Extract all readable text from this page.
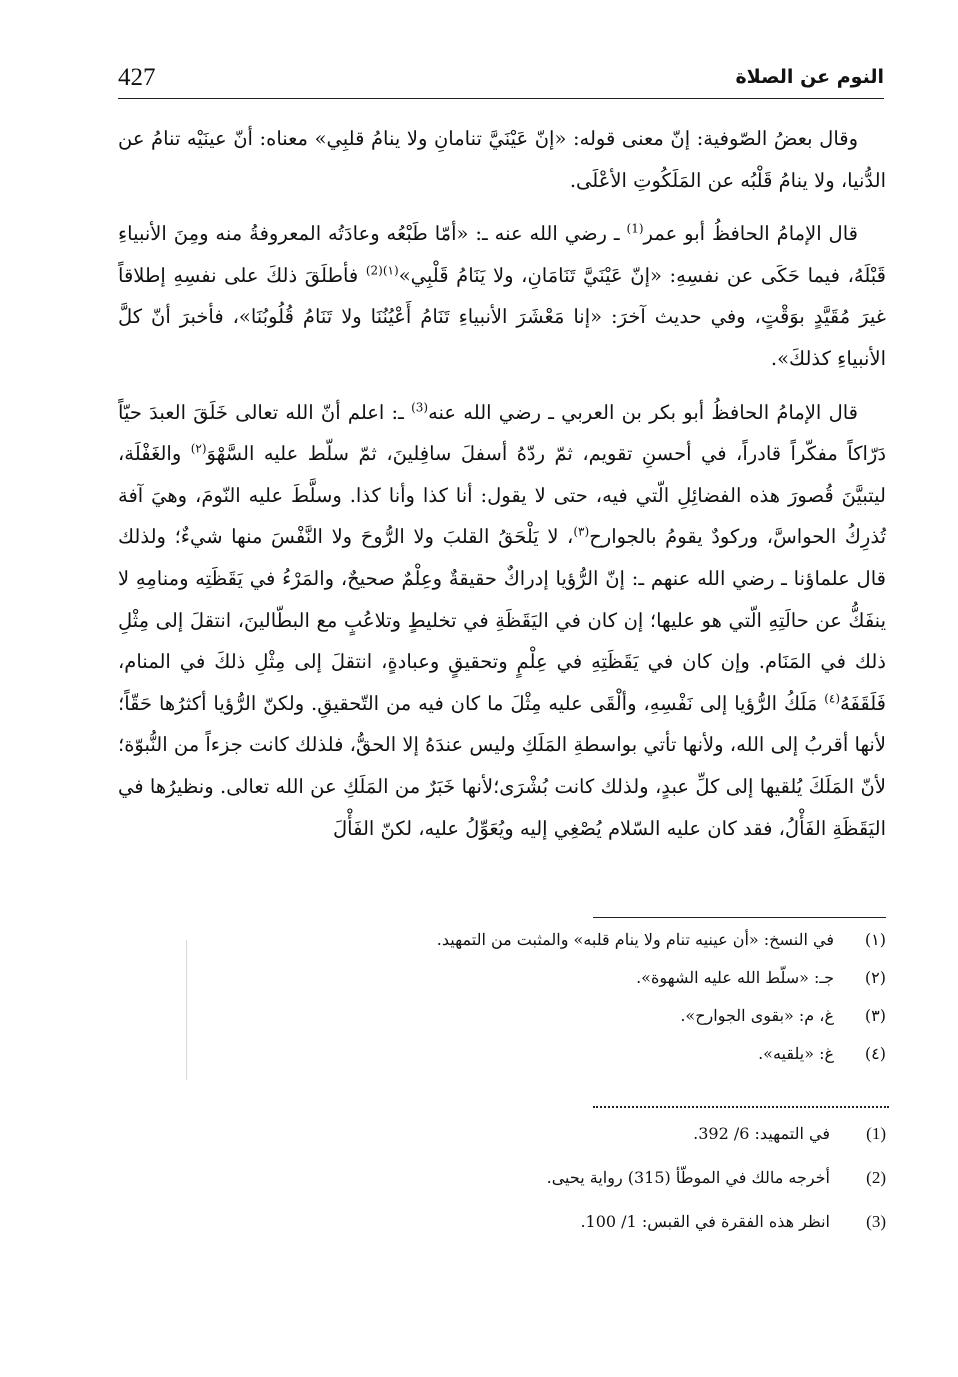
427	النوم عن الصلاة

وقال بعضُ الصّوفية: إنّ معنى قوله: «إنّ عَيْنَيَّ تنامانِ ولا ينامُ قلبِي» معناه: أنّ عينَيْه تنامُ عن الدُّنيا، ولا ينامُ قَلْبُه عن المَلَكُوتِ الأعْلَى.

قال الإمامُ الحافظُ أبو عمر$^{(1)}$ ـ رضي الله عنه ـ: «أمّا طَبْعُه وعادَتُه المعروفةُ منه ومِنَ الأنبياءِ قَبْلَهُ، فيما حَكَى عن نفسِهِ: «إنّ عَيْنَيَّ تَنَامَانِ، ولا يَنَامُ قَلْبِي»$^{(١)(2)}$ فأطلَقَ ذلكَ على نفسِهِ إطلاقاً غيرَ مُقَيَّدٍ بوَقْتٍ، وفي حديث آخرَ: «إنا مَعْشَرَ الأنبياءِ تَنَامُ أَعْيُنُنَا ولا تَنَامُ قُلُوبُنَا»، فأخبرَ أنّ كلَّ الأنبياءِ كذلكَ».

قال الإمامُ الحافظُ أبو بكر بن العربي ـ رضي الله عنه$^{(3)}$ ـ: اعلم أنّ الله تعالى خَلَقَ العبدَ حيّاً دَرّاكاً مفكّراً قادراً، في أحسنِ تقويم، ثمّ ردّهُ أسفلَ سافِلينَ، ثمّ سلّط عليه السَّهْوَ$^{(٢)}$ والغَفْلَة، ليتبيَّنَ قُصورَ هذه الفضائِلِ الّتي فيه، حتى لا يقول: أنا كذا وأنا كذا. وسلَّطَ عليه النّومَ، وهيَ آفة تُذرِكُ الحواسَّ، وركودٌ يقومُ بالجوارح$^{(٣)}$، لا يَلْحَقُ القلبَ ولا الرُّوحَ ولا النَّفْسَ منها شيءٌ؛ ولذلك قال علماؤنا ـ رضي الله عنهم ـ: إنّ الرُّؤيا إدراكٌ حقيقةٌ وعِلْمٌ صحيحٌ، والمَرْءُ في يَقَظَتِه ومنامِهِ لا ينفَكُّ عن حالَتِهِ الّتي هو عليها؛ إن كان في اليَقَظَةِ في تخليطٍ وتلاعُبٍ مع البطّالينَ، انتقلَ إلى مِثْلِ ذلك في المَنَام. وإن كان في يَقَظَتِهِ في عِلْمٍ وتحقيقٍ وعبادةٍ، انتقلَ إلى مِثْلِ ذلكَ في المنام، فَلَقَفَهُ$^{(٤)}$ مَلَكُ الرُّؤيا إلى نَفْسِهِ، وألْقَى عليه مِثْلَ ما كان فيه من التّحقيقِ. ولكنّ الرُّؤيا أكثرُها حَقّاً؛ لأنها أقربُ إلى الله، ولأنها تأتي بواسطةِ المَلَكِ وليس عندَهُ إلا الحقُّ، فلذلك كانت جزءاً من النُّبوّة؛ لأنّ المَلَكَ يُلقيها إلى كلِّ عبدٍ، ولذلك كانت بُشْرَى؛لأنها خَبَرٌ من المَلَكِ عن الله تعالى. ونظيرُها في اليَقَظَةِ الفَأْلُ، فقد كان عليه السّلام يُصْغِي إليه ويُعَوِّلُ عليه، لكنّ الفَأْلَ

(١)
في النسخ: «أن عينيه تنام ولا ينام قلبه» والمثبت من التمهيد.
(٢)
جـ: «سلّط الله عليه الشهوة».
(٣)
غ، م: «بقوى الجوارح».
(٤)
غ: «يلقيه».
(1)
في التمهيد: 6/ 392.
(2)
أخرجه مالك في الموطّأ (315) رواية يحيى.
(3)
انظر هذه الفقرة في القبس: 1/ 100.
